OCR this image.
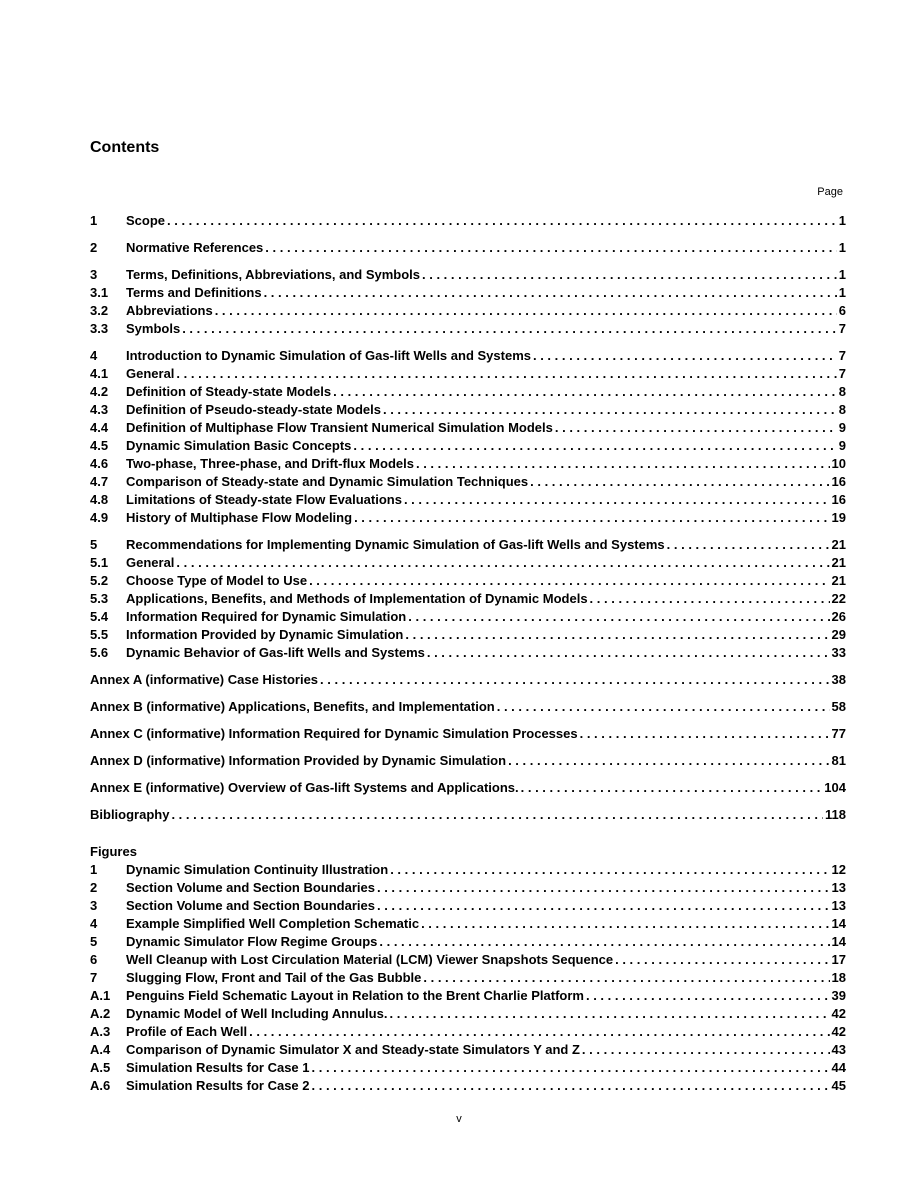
Contents
Page
1	Scope . . .	1
2	Normative References . . .	1
3	Terms, Definitions, Abbreviations, and Symbols . . .	1
3.1	Terms and Definitions . . .	1
3.2	Abbreviations . . .	6
3.3	Symbols . . .	7
4	Introduction to Dynamic Simulation of Gas-lift Wells and Systems . . .	7
4.1	General . . .	7
4.2	Definition of Steady-state Models . . .	8
4.3	Definition of Pseudo-steady-state Models . . .	8
4.4	Definition of Multiphase Flow Transient Numerical Simulation Models . . .	9
4.5	Dynamic Simulation Basic Concepts . . .	9
4.6	Two-phase, Three-phase, and Drift-flux Models . . .	10
4.7	Comparison of Steady-state and Dynamic Simulation Techniques . . .	16
4.8	Limitations of Steady-state Flow Evaluations . . .	16
4.9	History of Multiphase Flow Modeling . . .	19
5	Recommendations for Implementing Dynamic Simulation of Gas-lift Wells and Systems . . .	21
5.1	General . . .	21
5.2	Choose Type of Model to Use . . .	21
5.3	Applications, Benefits, and Methods of Implementation of Dynamic Models . . .	22
5.4	Information Required for Dynamic Simulation . . .	26
5.5	Information Provided by Dynamic Simulation . . .	29
5.6	Dynamic Behavior of Gas-lift Wells and Systems . . .	33
Annex A (informative) Case Histories . . .	38
Annex B (informative) Applications, Benefits, and Implementation . . .	58
Annex C (informative) Information Required for Dynamic Simulation Processes . . .	77
Annex D (informative) Information Provided by Dynamic Simulation . . .	81
Annex E (informative) Overview of Gas-lift Systems and Applications. . . .	104
Bibliography . . .	118
Figures
1	Dynamic Simulation Continuity Illustration . . .	12
2	Section Volume and Section Boundaries . . .	13
3	Section Volume and Section Boundaries . . .	13
4	Example Simplified Well Completion Schematic . . .	14
5	Dynamic Simulator Flow Regime Groups . . .	14
6	Well Cleanup with Lost Circulation Material (LCM) Viewer Snapshots Sequence . . .	17
7	Slugging Flow, Front and Tail of the Gas Bubble . . .	18
A.1	Penguins Field Schematic Layout in Relation to the Brent Charlie Platform . . .	39
A.2	Dynamic Model of Well Including Annulus. . . .	42
A.3	Profile of Each Well . . .	42
A.4	Comparison of Dynamic Simulator X and Steady-state Simulators Y and Z . . .	43
A.5	Simulation Results for Case 1 . . .	44
A.6	Simulation Results for Case 2 . . .	45
v
